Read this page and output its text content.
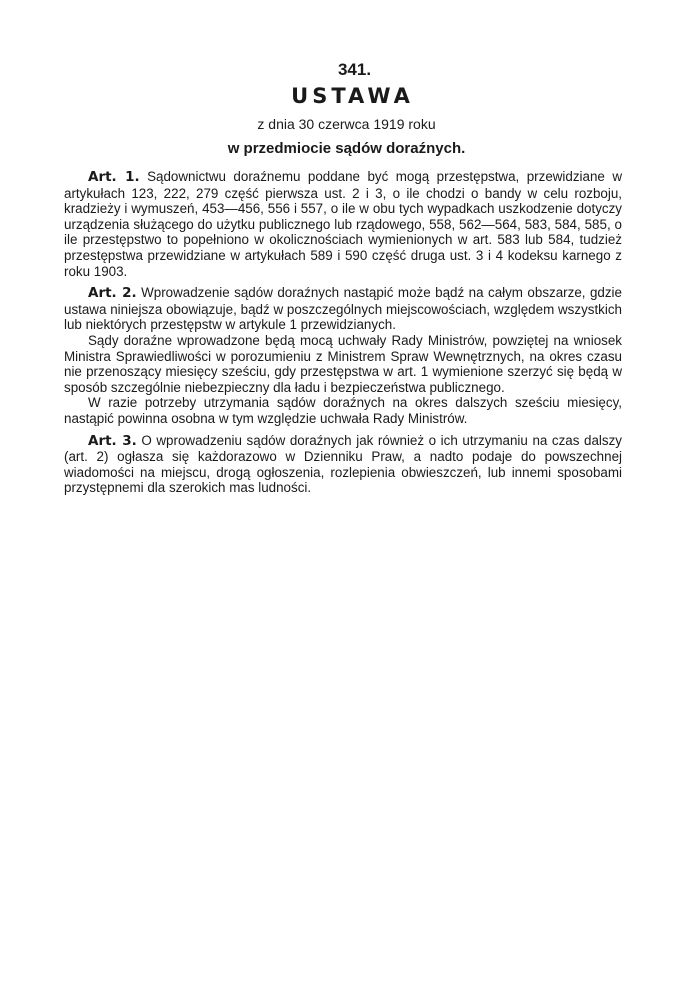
341.
USTAWA
z dnia 30 czerwca 1919 roku
w przedmiocie sądów doraźnych.

Art. 1. Sądownictwu doraźnemu poddane być mogą przestępstwa, przewidziane w artykułach 123, 222, 279 część pierwsza ust. 2 i 3, o ile chodzi o bandy w celu rozboju, kradzieży i wymuszeń, 453—456, 556 i 557, o ile w obu tych wypadkach uszkodzenie dotyczy urządzenia służącego do użytku publicznego lub rządowego, 558, 562—564, 583, 584, 585, o ile przestępstwo to popełniono w okolicznościach wymienionych w art. 583 lub 584, tudzież przestępstwa przewidziane w artykułach 589 i 590 część druga ust. 3 i 4 kodeksu karnego z roku 1903.

Art. 2. Wprowadzenie sądów doraźnych nastąpić może bądź na całym obszarze, gdzie ustawa niniejsza obowiązuje, bądź w poszczególnych miejscowościach, względem wszystkich lub niektórych przestępstw w artykule 1 przewidzianych.

Sądy doraźne wprowadzone będą mocą uchwały Rady Ministrów, powziętej na wniosek Ministra Sprawiedliwości w porozumieniu z Ministrem Spraw Wewnętrznych, na okres czasu nie przenoszący miesięcy sześciu, gdy przestępstwa w art. 1 wymienione szerzyć się będą w sposób szczególnie niebezpieczny dla ładu i bezpieczeństwa publicznego.

W razie potrzeby utrzymania sądów doraźnych na okres dalszych sześciu miesięcy, nastąpić powinna osobna w tym względzie uchwała Rady Ministrów.

Art. 3. O wprowadzeniu sądów doraźnych jak również o ich utrzymaniu na czas dalszy (art. 2) ogłasza się każdorazowo w Dzienniku Praw, a nadto podaje do powszechnej wiadomości na miejscu, drogą ogłoszenia, rozlepienia obwieszczeń, lub innemi sposobami przystępnemi dla szerokich mas ludności.
